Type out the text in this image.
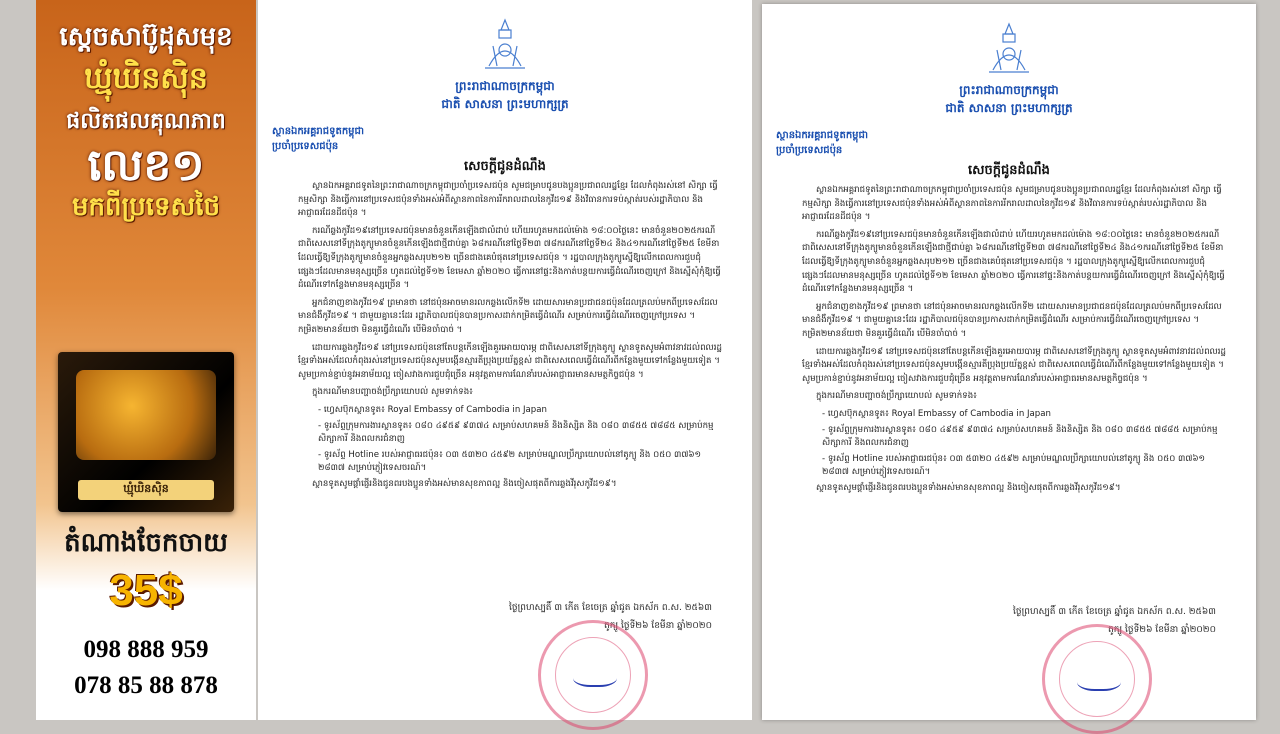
ស្តេចសាប៊ូដុសមុខ
ឃ្មុំឃិនស៊ិន
ផលិតផលគុណភាព
លេខ១
មកពីប្រទេសថៃ
ឃ្មុំឃិនស៊ិន
តំណាងចែកចាយ
35$
098 888 959
078 85 88 878
ព្រះរាជាណាចក្រកម្ពុជា
ជាតិ សាសនា ព្រះមហាក្សត្រ
ស្ថានឯកអគ្គរាជទូតកម្ពុជា
ប្រចាំប្រទេសជប៉ុន
សេចក្តីជូនដំណឹង

ស្ថានឯកអគ្គរាជទូតនៃព្រះរាជាណាចក្រកម្ពុជាប្រចាំប្រទេសជប៉ុន សូមជម្រាបជូនបងប្អូនប្រជាពលរដ្ឋខ្មែរ ដែលកំពុងរស់នៅ សិក្សា ធ្វើកម្មសិក្សា និងធ្វើការនៅប្រទេសជប៉ុនទាំងអស់អំពីស្ថានភាពនៃការរីករាលដាលនៃកូវីដ១៩ និងវិធានការទប់ស្កាត់របស់រដ្ឋាភិបាល និងអាជ្ញាធរដែនដីជប៉ុន ។

ករណីឆ្លងកូវីដ១៩នៅប្រទេសជប៉ុនមានចំនួនកើនឡើងជាលំដាប់ ហើយរហូតមកដល់ម៉ោង ១៨:០០ថ្ងៃនេះ មានចំនួន២០២៥ករណី ជាពិសេសនៅទីក្រុងតូក្យូមានចំនួនកើនឡើងជាថ្មីជាប់គ្នា ៦៨ករណីនៅថ្ងៃទី២៣ ៧៨ករណីនៅថ្ងៃទី២៤ និង៤១ករណីនៅថ្ងៃទី២៥ ខែមីនា ដែលធ្វើឱ្យទីក្រុងតូក្យូមានចំនួនអ្នកឆ្លងសរុប២១២ ច្រើនជាងគេបំផុតនៅប្រទេសជប៉ុន ។ រដ្ឋបាលក្រុងតូក្យូស្នើឱ្យលើកពេលការជួបជុំផ្សេងៗដែលមានមនុស្សច្រើន ហូតដល់ថ្ងៃទី១២ ខែមេសា ឆ្នាំ២០២០ ធ្វើការនៅផ្ទះនិងកាត់បន្ថយការធ្វើដំណើរចេញក្រៅ និងស្នើសុំកុំឱ្យធ្វើដំណើរទៅកន្លែងមានមនុស្សច្រើន ។

អ្នកជំនាញខាងកូវីដ១៩ ព្រមានថា នៅជប៉ុនអាចមានរលកឆ្លងលើកទី២ ដោយសារមានប្រជាជនជប៉ុនដែលត្រលប់មកពីប្រទេសដែលមានជំងឺកូវីដ១៩ ។ ជាមួយគ្នានេះដែរ រដ្ឋាភិបាលជប៉ុនបានប្រកាសដាក់កម្រិតធ្វើដំណើរ សម្រាប់ការធ្វើដំណើរចេញក្រៅប្រទេស ។ កម្រិត២មានន័យថា មិនគួរធ្វើដំណើរ បើមិនចាំបាច់ ។

ដោយការឆ្លងកូវីដ១៩ នៅប្រទេសជប៉ុននៅតែបន្តកើនឡើងគួរអោយបារម្ភ ជាពិសេសនៅទីក្រុងតូក្យូ ស្ថានទូតសូមអំពាវនាវដល់ពលរដ្ឋខ្មែរទាំងអស់ដែលកំពុងរស់នៅប្រទេសជប៉ុនសូមបង្កើនស្មារតីប្រុងប្រយ័ត្នខ្ពស់ ជាពិសេសពេលធ្វើដំណើរពីកន្លែងមួយទៅកន្លែងមួយទៀត ។ សូមប្រកាន់ខ្ជាប់នូវអនាម័យល្អ ចៀសវាងការជួបជុំច្រើន អនុវត្តតាមការណែនាំរបស់អាជ្ញាធរមានសមត្ថកិច្ចជប៉ុន ។

ក្នុងករណីមានបញ្ហាចង់ប្រឹក្សាយោបល់ សូមទាក់ទង៖

- ហ្វេសប៊ុកស្ថានទូត៖ Royal Embassy of Cambodia in Japan

- ទូរស័ព្ទក្រុមការងារស្ថានទូត៖ ០៨០ ៤៩៥៩ ៩៣៧៤ សម្រាប់សហគមន៍ និងនិស្សិត និង ០៨០ ៣៨៥៥ ៧៨៨៥ សម្រាប់កម្មសិក្សាការី និងពលករជំនាញ

- ទូរស័ព្ទ Hotline របស់អាជ្ញាធរជប៉ុន៖ ០៣ ៥៣២០ ៤៥៩២ សម្រាប់មណ្ឌលប្រឹក្សាយោបល់នៅតូក្យូ និង ០៥០ ៣៧៦១ ២៨៣៧ សម្រាប់ភ្ញៀវទេសចរណ៍។

ស្ថានទូតសូមផ្តាំផ្ញើរនិងជូនពរបងប្អូនទាំងអស់មានសុខភាពល្អ និងចៀសផុតពីការឆ្លងវីរុសកូវីដ១៩។

ថ្ងៃព្រហស្បតិ៍ ៣ កើត ខែចេត្រ ឆ្នាំជូត ឯកស័ក ព.ស. ២៥៦៣
តូក្យូ ថ្ងៃទី២៦ ខែមីនា ឆ្នាំ២០២០
ព្រះរាជាណាចក្រកម្ពុជា
ជាតិ សាសនា ព្រះមហាក្សត្រ
ស្ថានឯកអគ្គរាជទូតកម្ពុជា
ប្រចាំប្រទេសជប៉ុន
សេចក្តីជូនដំណឹង

ស្ថានឯកអគ្គរាជទូតនៃព្រះរាជាណាចក្រកម្ពុជាប្រចាំប្រទេសជប៉ុន សូមជម្រាបជូនបងប្អូនប្រជាពលរដ្ឋខ្មែរ ដែលកំពុងរស់នៅ សិក្សា ធ្វើកម្មសិក្សា និងធ្វើការនៅប្រទេសជប៉ុនទាំងអស់អំពីស្ថានភាពនៃការរីករាលដាលនៃកូវីដ១៩ និងវិធានការទប់ស្កាត់របស់រដ្ឋាភិបាល និងអាជ្ញាធរដែនដីជប៉ុន ។

ករណីឆ្លងកូវីដ១៩នៅប្រទេសជប៉ុនមានចំនួនកើនឡើងជាលំដាប់ ហើយរហូតមកដល់ម៉ោង ១៨:០០ថ្ងៃនេះ មានចំនួន២០២៥ករណី ជាពិសេសនៅទីក្រុងតូក្យូមានចំនួនកើនឡើងជាថ្មីជាប់គ្នា ៦៨ករណីនៅថ្ងៃទី២៣ ៧៨ករណីនៅថ្ងៃទី២៤ និង៤១ករណីនៅថ្ងៃទី២៥ ខែមីនា ដែលធ្វើឱ្យទីក្រុងតូក្យូមានចំនួនអ្នកឆ្លងសរុប២១២ ច្រើនជាងគេបំផុតនៅប្រទេសជប៉ុន ។ រដ្ឋបាលក្រុងតូក្យូស្នើឱ្យលើកពេលការជួបជុំផ្សេងៗដែលមានមនុស្សច្រើន ហូតដល់ថ្ងៃទី១២ ខែមេសា ឆ្នាំ២០២០ ធ្វើការនៅផ្ទះនិងកាត់បន្ថយការធ្វើដំណើរចេញក្រៅ និងស្នើសុំកុំឱ្យធ្វើដំណើរទៅកន្លែងមានមនុស្សច្រើន ។

អ្នកជំនាញខាងកូវីដ១៩ ព្រមានថា នៅជប៉ុនអាចមានរលកឆ្លងលើកទី២ ដោយសារមានប្រជាជនជប៉ុនដែលត្រលប់មកពីប្រទេសដែលមានជំងឺកូវីដ១៩ ។ ជាមួយគ្នានេះដែរ រដ្ឋាភិបាលជប៉ុនបានប្រកាសដាក់កម្រិតធ្វើដំណើរ សម្រាប់ការធ្វើដំណើរចេញក្រៅប្រទេស ។ កម្រិត២មានន័យថា មិនគួរធ្វើដំណើរ បើមិនចាំបាច់ ។

ដោយការឆ្លងកូវីដ១៩ នៅប្រទេសជប៉ុននៅតែបន្តកើនឡើងគួរអោយបារម្ភ ជាពិសេសនៅទីក្រុងតូក្យូ ស្ថានទូតសូមអំពាវនាវដល់ពលរដ្ឋខ្មែរទាំងអស់ដែលកំពុងរស់នៅប្រទេសជប៉ុនសូមបង្កើនស្មារតីប្រុងប្រយ័ត្នខ្ពស់ ជាពិសេសពេលធ្វើដំណើរពីកន្លែងមួយទៅកន្លែងមួយទៀត ។ សូមប្រកាន់ខ្ជាប់នូវអនាម័យល្អ ចៀសវាងការជួបជុំច្រើន អនុវត្តតាមការណែនាំរបស់អាជ្ញាធរមានសមត្ថកិច្ចជប៉ុន ។

ក្នុងករណីមានបញ្ហាចង់ប្រឹក្សាយោបល់ សូមទាក់ទង៖

- ហ្វេសប៊ុកស្ថានទូត៖ Royal Embassy of Cambodia in Japan

- ទូរស័ព្ទក្រុមការងារស្ថានទូត៖ ០៨០ ៤៩៥៩ ៩៣៧៤ សម្រាប់សហគមន៍ និងនិស្សិត និង ០៨០ ៣៨៥៥ ៧៨៨៥ សម្រាប់កម្មសិក្សាការី និងពលករជំនាញ

- ទូរស័ព្ទ Hotline របស់អាជ្ញាធរជប៉ុន៖ ០៣ ៥៣២០ ៤៥៩២ សម្រាប់មណ្ឌលប្រឹក្សាយោបល់នៅតូក្យូ និង ០៥០ ៣៧៦១ ២៨៣៧ សម្រាប់ភ្ញៀវទេសចរណ៍។

ស្ថានទូតសូមផ្តាំផ្ញើរនិងជូនពរបងប្អូនទាំងអស់មានសុខភាពល្អ និងចៀសផុតពីការឆ្លងវីរុសកូវីដ១៩។

ថ្ងៃព្រហស្បតិ៍ ៣ កើត ខែចេត្រ ឆ្នាំជូត ឯកស័ក ព.ស. ២៥៦៣
តូក្យូ ថ្ងៃទី២៦ ខែមីនា ឆ្នាំ២០២០
